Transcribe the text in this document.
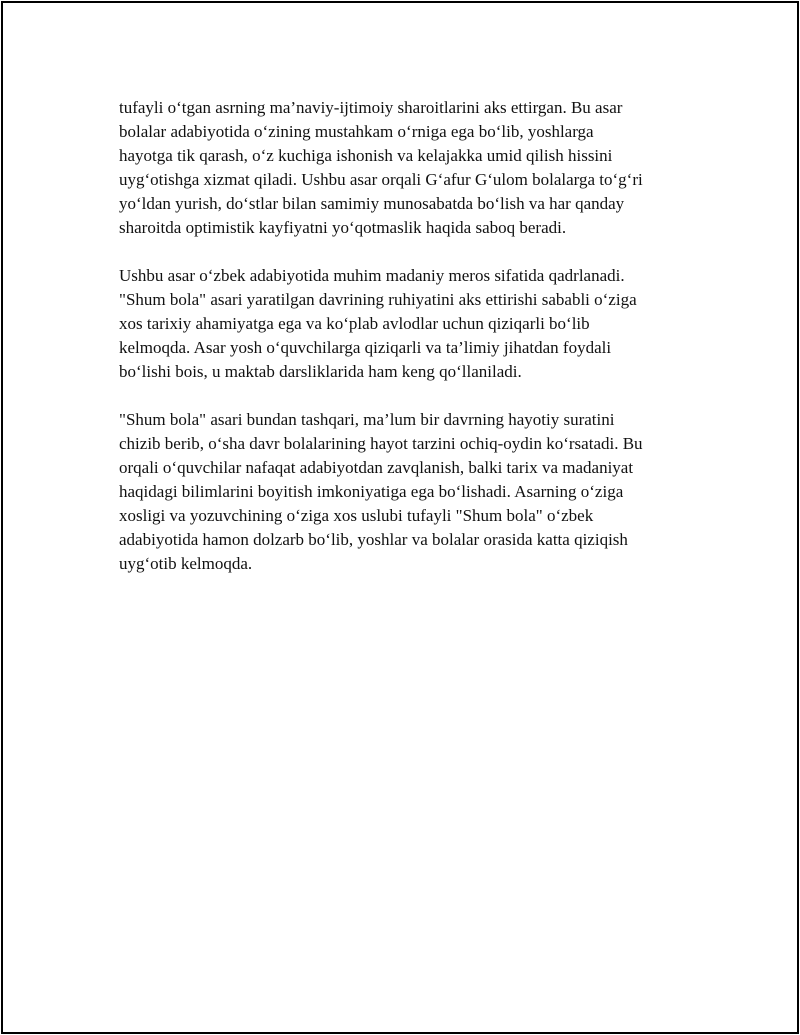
tufayli o‘tgan asrning ma’naviy-ijtimoiy sharoitlarini aks ettirgan. Bu asar
bolalar adabiyotida o‘zining mustahkam o‘rniga ega bo‘lib, yoshlarga
hayotga tik qarash, o‘z kuchiga ishonish va kelajakka umid qilish hissini
uyg‘otishga xizmat qiladi. Ushbu asar orqali G‘afur G‘ulom bolalarga to‘g‘ri
yo‘ldan yurish, do‘stlar bilan samimiy munosabatda bo‘lish va har qanday
sharoitda optimistik kayfiyatni yo‘qotmaslik haqida saboq beradi.

Ushbu asar o‘zbek adabiyotida muhim madaniy meros sifatida qadrlanadi.
"Shum bola" asari yaratilgan davrining ruhiyatini aks ettirishi sababli o‘ziga
xos tarixiy ahamiyatga ega va ko‘plab avlodlar uchun qiziqarli bo‘lib
kelmoqda. Asar yosh o‘quvchilarga qiziqarli va ta’limiy jihatdan foydali
bo‘lishi bois, u maktab darsliklarida ham keng qo‘llaniladi.

"Shum bola" asari bundan tashqari, ma’lum bir davrning hayotiy suratini
chizib berib, o‘sha davr bolalarining hayot tarzini ochiq-oydin ko‘rsatadi. Bu
orqali o‘quvchilar nafaqat adabiyotdan zavqlanish, balki tarix va madaniyat
haqidagi bilimlarini boyitish imkoniyatiga ega bo‘lishadi. Asarning o‘ziga
xosligi va yozuvchining o‘ziga xos uslubi tufayli "Shum bola" o‘zbek
adabiyotida hamon dolzarb bo‘lib, yoshlar va bolalar orasida katta qiziqish
uyg‘otib kelmoqda.
